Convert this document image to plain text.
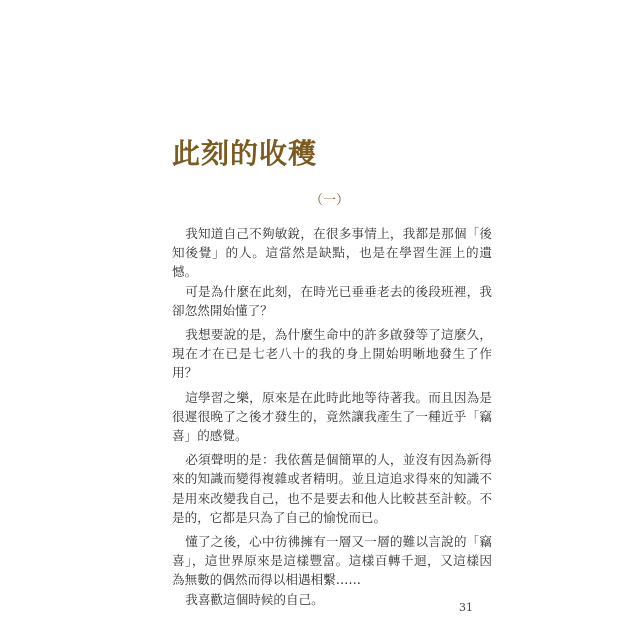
此刻的收穫
（一）

我知道自己不夠敏銳，在很多事情上，我都是那個「後知後覺」的人。這當然是缺點，也是在學習生涯上的遺憾。

可是為什麼在此刻，在時光已垂垂老去的後段班裡，我卻忽然開始懂了？

我想要說的是，為什麼生命中的許多啟發等了這麼久，現在才在已是七老八十的我的身上開始明晰地發生了作用？

這學習之樂，原來是在此時此地等待著我。而且因為是很遲很晚了之後才發生的，竟然讓我產生了一種近乎「竊喜」的感覺。

必須聲明的是：我依舊是個簡單的人，並沒有因為新得來的知識而變得複雜或者精明。並且這追求得來的知識不是用來改變我自己，也不是要去和他人比較甚至計較。不是的，它都是只為了自己的愉悅而已。

懂了之後，心中彷彿擁有一層又一層的難以言說的「竊喜」，這世界原來是這樣豐富。這樣百轉千迴，又這樣因為無數的偶然而得以相遇相繫……

我喜歡這個時候的自己。

31
